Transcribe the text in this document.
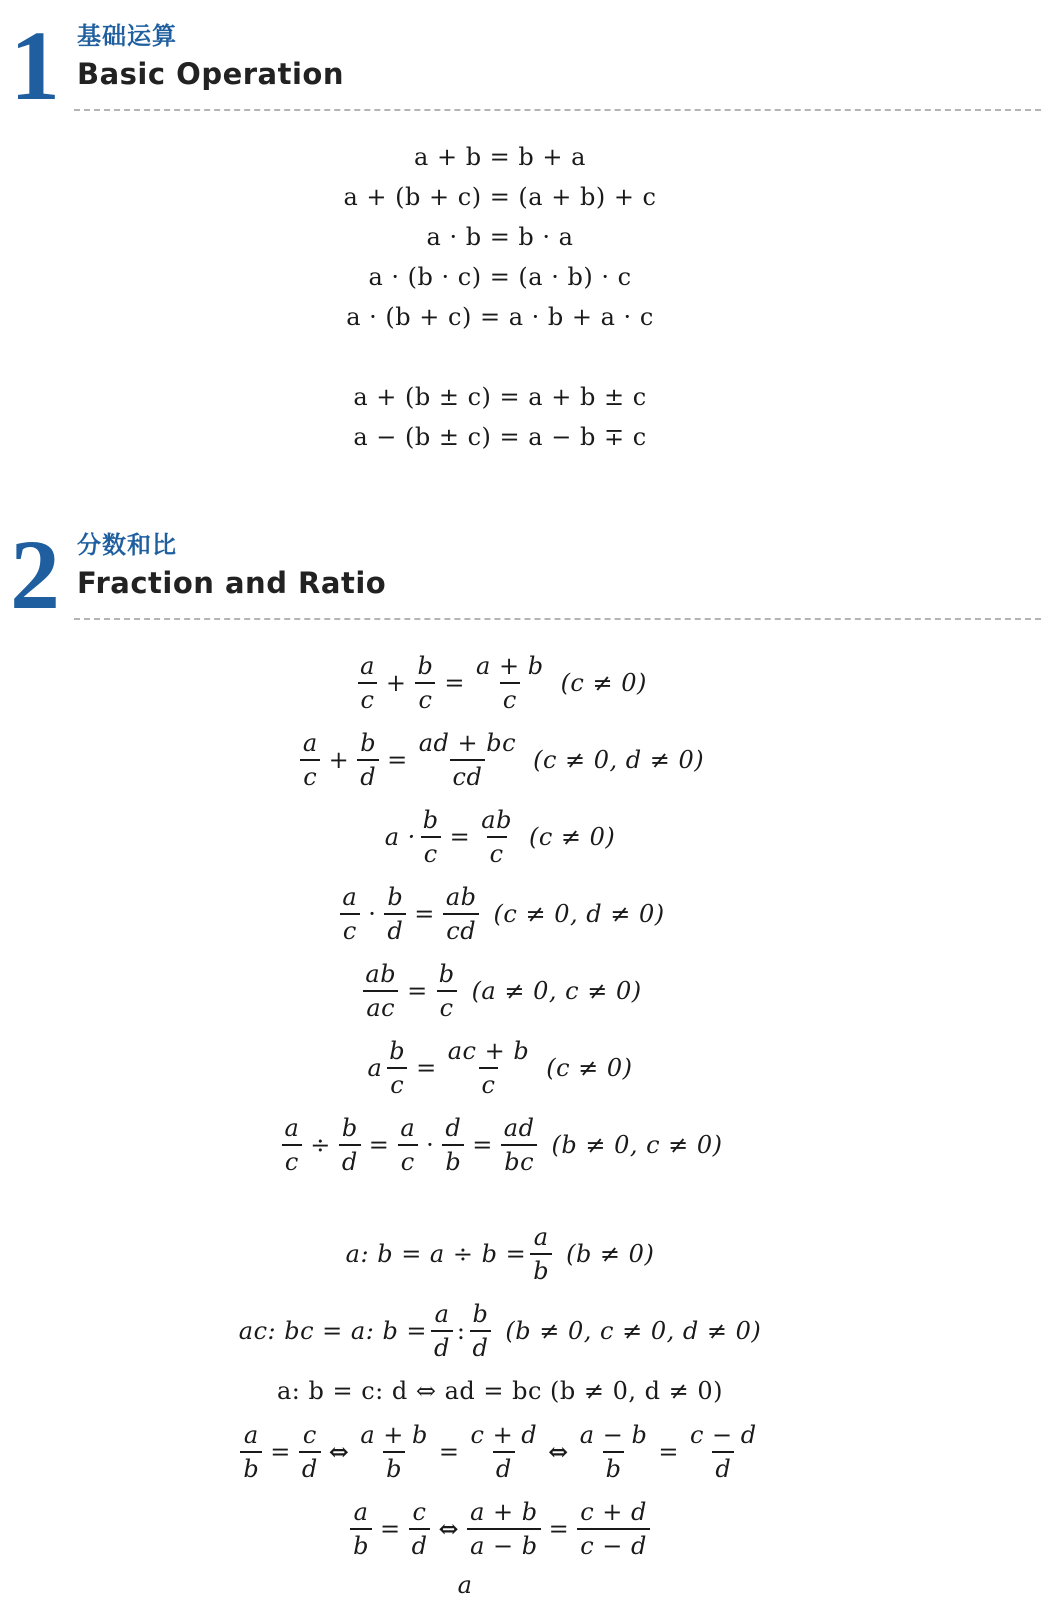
1 基础运算
Basic Operation
a + b = b + a
a + (b + c) = (a + b) + c
a · b = b · a
a · (b · c) = (a · b) · c
a · (b + c) = a · b + a · c
a + (b ± c) = a + b ± c
a − (b ± c) = a − b ∓ c
2 分数和比
Fraction and Ratio
$\frac{a}{c} + \frac{b}{c} = \frac{a + b}{c} (c \ne 0)$
$\frac{a}{c} + \frac{b}{d} = \frac{ad + bc}{cd} (c \ne 0$, d ≠ 0)
$a \cdot \frac{b}{c} = \frac{ab}{c} (c \ne 0)$
$\frac{a}{c} \cdot \frac{b}{d} = \frac{ab}{cd} (c \ne 0$, d ≠ 0)
$\frac{ab}{ac} = \frac{b}{c} (a \ne 0$, c ≠ 0)
a $\frac{b}{c} = \frac{ac + b}{c} (c \ne 0)$
$\frac{a}{c} \div \frac{b}{d} = \frac{a}{c} \cdot \frac{d}{b} = \frac{ad}{bc} (b \ne 0$, c ≠ 0)
a: $b = a \div b = \frac{a}{b} (b \ne 0)$
ac: bc = a: $b = \frac{a}{d}$ : $\frac{b}{d} (b \ne 0$, c ≠ 0, d ≠ 0)
a: b = c: d ⇔ ad = bc (b ≠ 0, d ≠ 0)
$\frac{a}{b} = \frac{c}{d}$ ⇔ $\frac{a + b}{b} = \frac{c + d}{d}$ ⇔ $\frac{a - b}{b} = \frac{c - d}{d}$
$\frac{a}{b} = \frac{c}{d}$ ⇔ $\frac{a + b}{a - b} = \frac{c + d}{c - d}$
a
